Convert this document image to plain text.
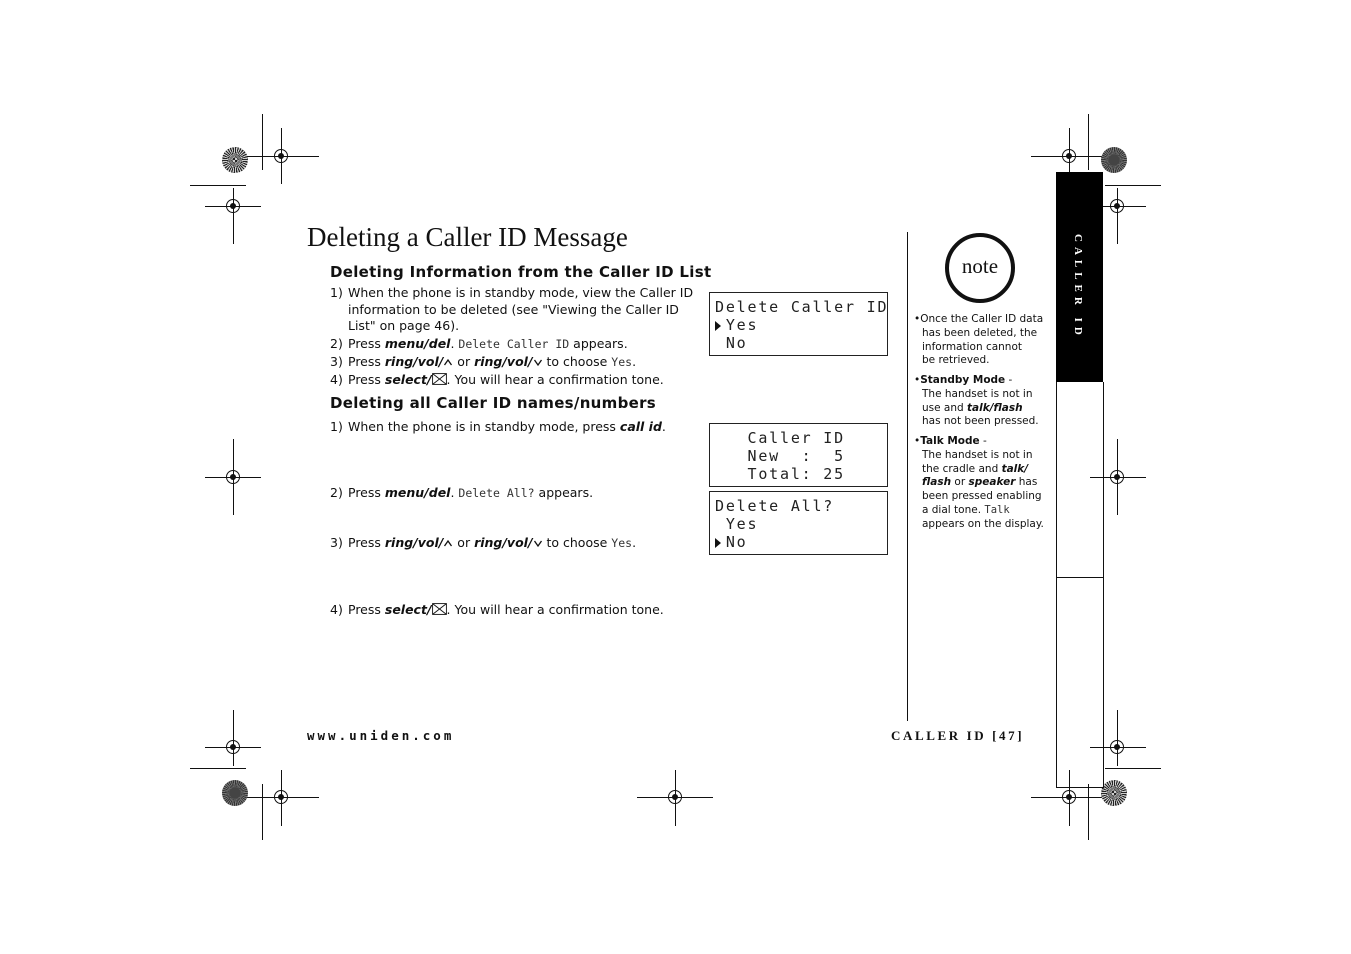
Deleting a Caller ID Message
Deleting Information from the Caller ID List
1) When the phone is in standby mode, view the Caller ID
information to be deleted (see "Viewing the Caller ID
List" on page 46).
2) Press menu/del. Delete Caller ID appears.
3) Press ring/vol/ or ring/vol/ to choose Yes.
4) Press select/ . You will hear a confirmation tone.
Delete Caller ID
Yes
No
Deleting all Caller ID names/numbers
1) When the phone is in standby mode, press call id.
2) Press menu/del. Delete All? appears.
3) Press ring/vol/ or ring/vol/ to choose Yes.
4) Press select/ . You will hear a confirmation tone.
Caller ID
New  :  5
Total: 25
Delete All?
Yes
No
note
•Once the Caller ID data
has been deleted, the
information cannot
be retrieved.
•Standby Mode -
The handset is not in
use and talk/flash
has not been pressed.
•Talk Mode -
The handset is not in
the cradle and talk/
flash or speaker has
been pressed enabling
a dial tone. Talk
appears on the display.
www.uniden.com	CALLER ID [47]
CALLER ID
